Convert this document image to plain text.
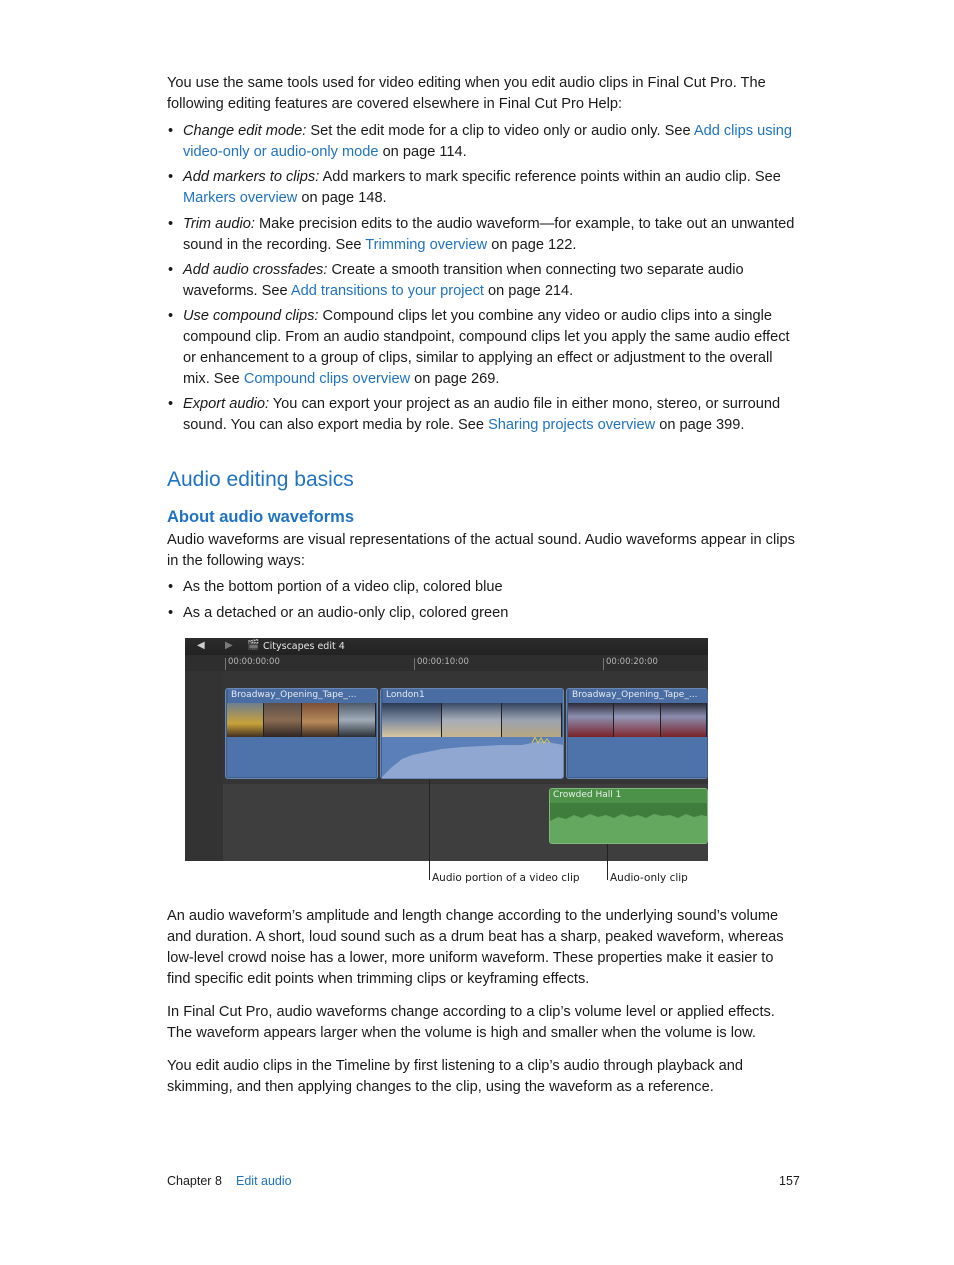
You use the same tools used for video editing when you edit audio clips in Final Cut Pro. The following editing features are covered elsewhere in Final Cut Pro Help:

• Change edit mode: Set the edit mode for a clip to video only or audio only. See Add clips using video-only or audio-only mode on page 114.
• Add markers to clips: Add markers to mark specific reference points within an audio clip. See Markers overview on page 148.
• Trim audio: Make precision edits to the audio waveform—for example, to take out an unwanted sound in the recording. See Trimming overview on page 122.
• Add audio crossfades: Create a smooth transition when connecting two separate audio waveforms. See Add transitions to your project on page 214.
• Use compound clips: Compound clips let you combine any video or audio clips into a single compound clip. From an audio standpoint, compound clips let you apply the same audio effect or enhancement to a group of clips, similar to applying an effect or adjustment to the overall mix. See Compound clips overview on page 269.
• Export audio: You can export your project as an audio file in either mono, stereo, or surround sound. You can also export media by role. See Sharing projects overview on page 399.
Audio editing basics
About audio waveforms

Audio waveforms are visual representations of the actual sound. Audio waveforms appear in clips in the following ways:

• As the bottom portion of a video clip, colored blue
• As a detached or an audio-only clip, colored green
◀ ▶ 🎬 Cityscapes edit 4
00:00:00:00	00:00:10:00	00:00:20:00
Broadway_Opening_Tape_...	London1	Broadway_Opening_Tape_...
Crowded Hall 1
Audio portion of a video clip	Audio-only clip

An audio waveform’s amplitude and length change according to the underlying sound’s volume and duration. A short, loud sound such as a drum beat has a sharp, peaked waveform, whereas low-level crowd noise has a lower, more uniform waveform. These properties make it easier to find specific edit points when trimming clips or keyframing effects.

In Final Cut Pro, audio waveforms change according to a clip’s volume level or applied effects. The waveform appears larger when the volume is high and smaller when the volume is low.

You edit audio clips in the Timeline by first listening to a clip’s audio through playback and skimming, and then applying changes to the clip, using the waveform as a reference.

Chapter 8 Edit audio	157
